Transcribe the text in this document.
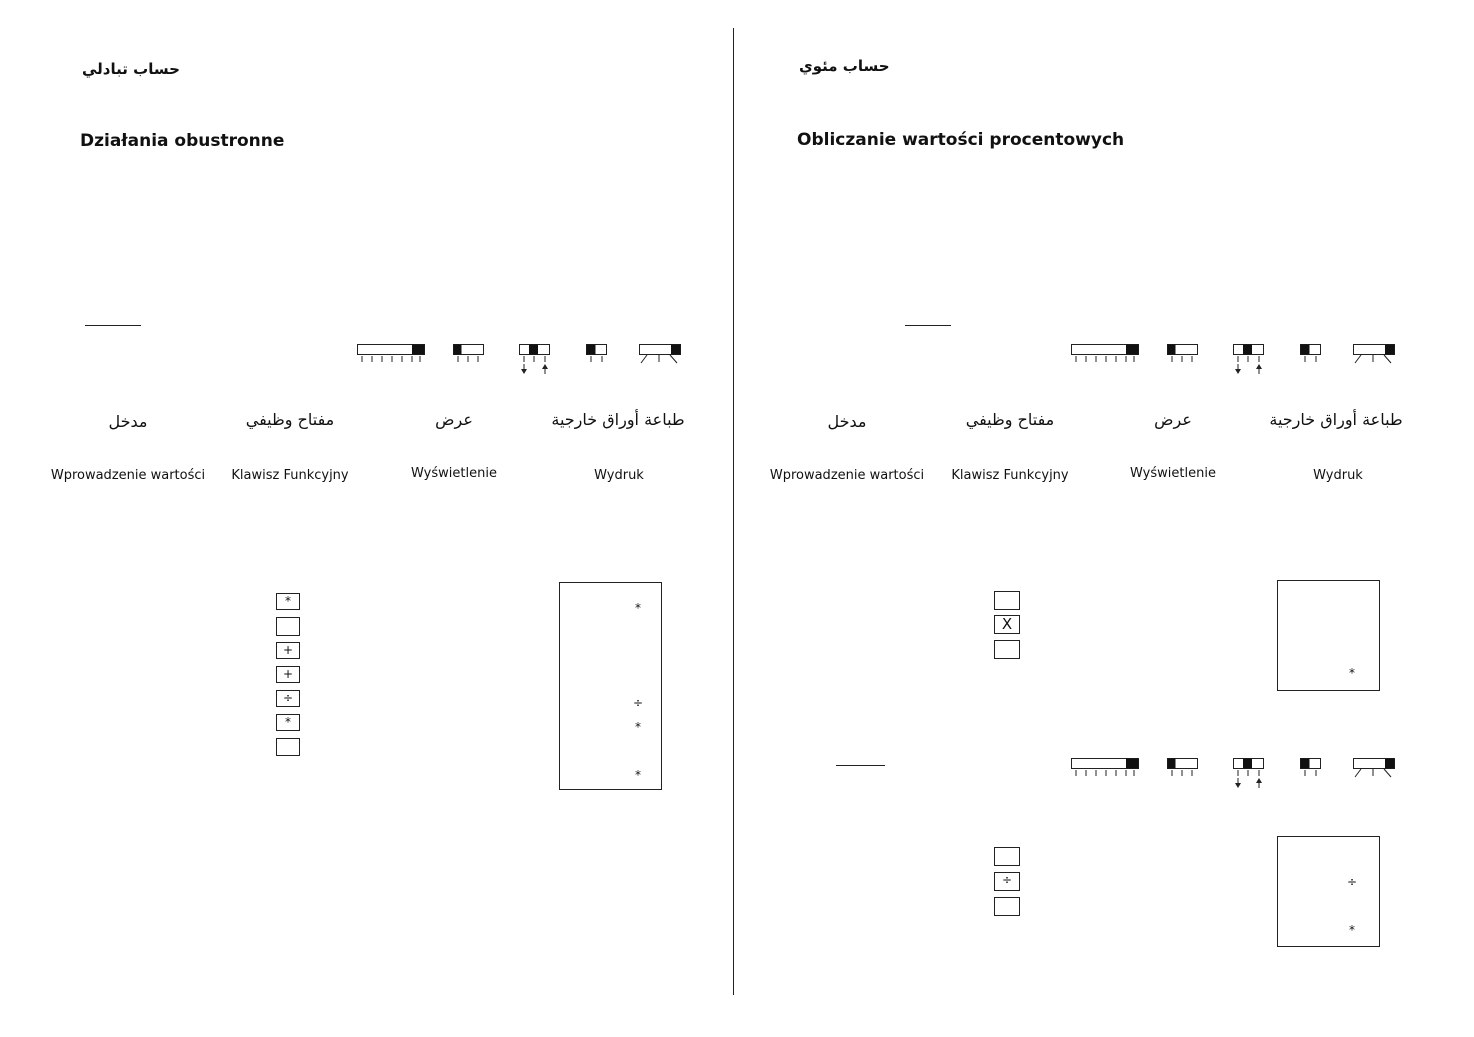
حساب تبادلي
Działania obustronne
مدخل	مفتاح وظيفي	عرض	طباعة أوراق خارجية
Wprowadzenie wartości	Klawisz Funkcyjny	Wyświetlenie	Wydruk
*
+
+
÷
*
*
÷
*
*
حساب مئوي
Obliczanie wartości procentowych
مدخل	مفتاح وظيفي	عرض	طباعة أوراق خارجية
Wprowadzenie wartości	Klawisz Funkcyjny	Wyświetlenie	Wydruk
X
*
÷	÷
*
